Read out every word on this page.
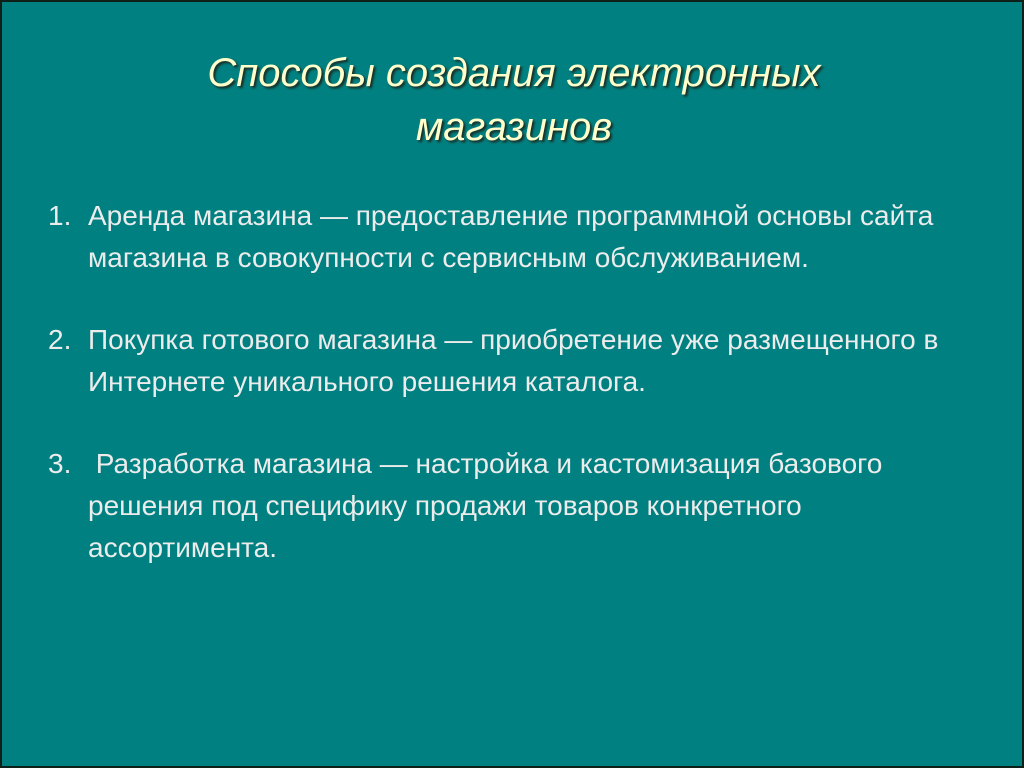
Способы создания электронных
магазинов
1. Аренда магазина — предоставление программной основы сайта магазина в совокупности с сервисным обслуживанием.
2. Покупка готового магазина — приобретение уже размещенного в Интернете уникального решения каталога.
3. Разработка магазина — настройка и кастомизация базового решения под специфику продажи товаров конкретного ассортимента.
